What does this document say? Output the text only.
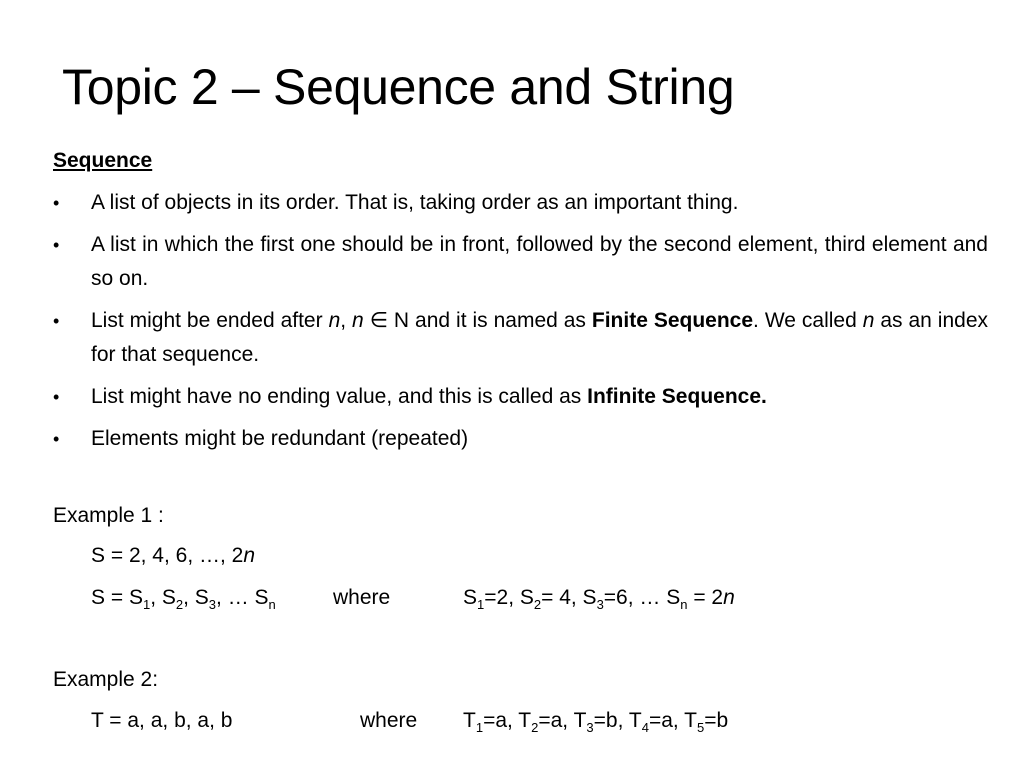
Topic 2 – Sequence and String
Sequence
• A list of objects in its order. That is, taking order as an important thing.
• A list in which the first one should be in front, followed by the second element, third element and so on.
• List might be ended after n, n ∈ N and it is named as Finite Sequence. We called n as an index for that sequence.
• List might have no ending value, and this is called as Infinite Sequence.
• Elements might be redundant (repeated)
Example 1 :
S = 2, 4, 6, …, 2n
$S = S_1$, $S_2$, $S_3$, … $S_n$	where	$S_1=2$, $S_2= 4$, $S_3=6$, … $S_n = 2n$
Example 2:
T = a, a, b, a, b	where $T_1=a$, $T_2=a$, $T_3=b$, $T_4=a$, $T_5=b$
